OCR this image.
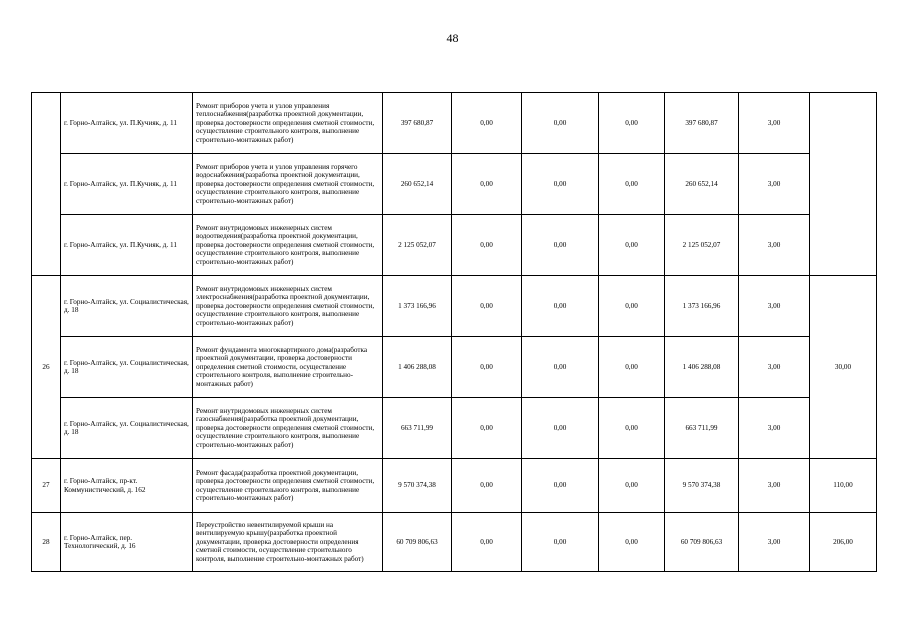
48
	г. Горно-Алтайск, ул. П.Кучияк, д. 11	Ремонт приборов учета и узлов управления теплоснабжения(разработка проектной документации, проверка достоверности определения сметной стоимости, осуществление строительного контроля, выполнение строительно-монтажных работ)	397 680,87	0,00	0,00	0,00	397 680,87	3,00	
	г. Горно-Алтайск, ул. П.Кучияк, д. 11	Ремонт приборов учета и узлов управления горячего водоснабжения(разработка проектной документации, проверка достоверности определения сметной стоимости, осуществление строительного контроля, выполнение строительно-монтажных работ)	260 652,14	0,00	0,00	0,00	260 652,14	3,00	
	г. Горно-Алтайск, ул. П.Кучияк, д. 11	Ремонт внутридомовых инженерных систем водоотведения(разработка проектной документации, проверка достоверности определения сметной стоимости, осуществление строительного контроля, выполнение строительно-монтажных работ)	2 125 052,07	0,00	0,00	0,00	2 125 052,07	3,00	
26	г. Горно-Алтайск, ул. Социалистическая, д. 18	Ремонт внутридомовых инженерных систем электроснабжения(разработка проектной документации, проверка достоверности определения сметной стоимости, осуществление строительного контроля, выполнение строительно-монтажных работ)	1 373 166,96	0,00	0,00	0,00	1 373 166,96	3,00	30,00
	г. Горно-Алтайск, ул. Социалистическая, д. 18	Ремонт фундамента многоквартирного дома(разработка проектной документации, проверка достоверности определения сметной стоимости, осуществление строительного контроля, выполнение строительно-монтажных работ)	1 406 288,08	0,00	0,00	0,00	1 406 288,08	3,00	
	г. Горно-Алтайск, ул. Социалистическая, д. 18	Ремонт внутридомовых инженерных систем газоснабжения(разработка проектной документации, проверка достоверности определения сметной стоимости, осуществление строительного контроля, выполнение строительно-монтажных работ)	663 711,99	0,00	0,00	0,00	663 711,99	3,00	
27	г. Горно-Алтайск, пр-кт. Коммунистический, д. 162	Ремонт фасада(разработка проектной документации, проверка достоверности определения сметной стоимости, осуществление строительного контроля, выполнение строительно-монтажных работ)	9 570 374,38	0,00	0,00	0,00	9 570 374,38	3,00	110,00
28	г. Горно-Алтайск, пер. Технологический, д. 16	Переустройство невентилируемой крыши на вентилируемую крышу(разработка проектной документации, проверка достоверности определения сметной стоимости, осуществление строительного контроля, выполнение строительно-монтажных работ)	60 709 806,63	0,00	0,00	0,00	60 709 806,63	3,00	206,00
